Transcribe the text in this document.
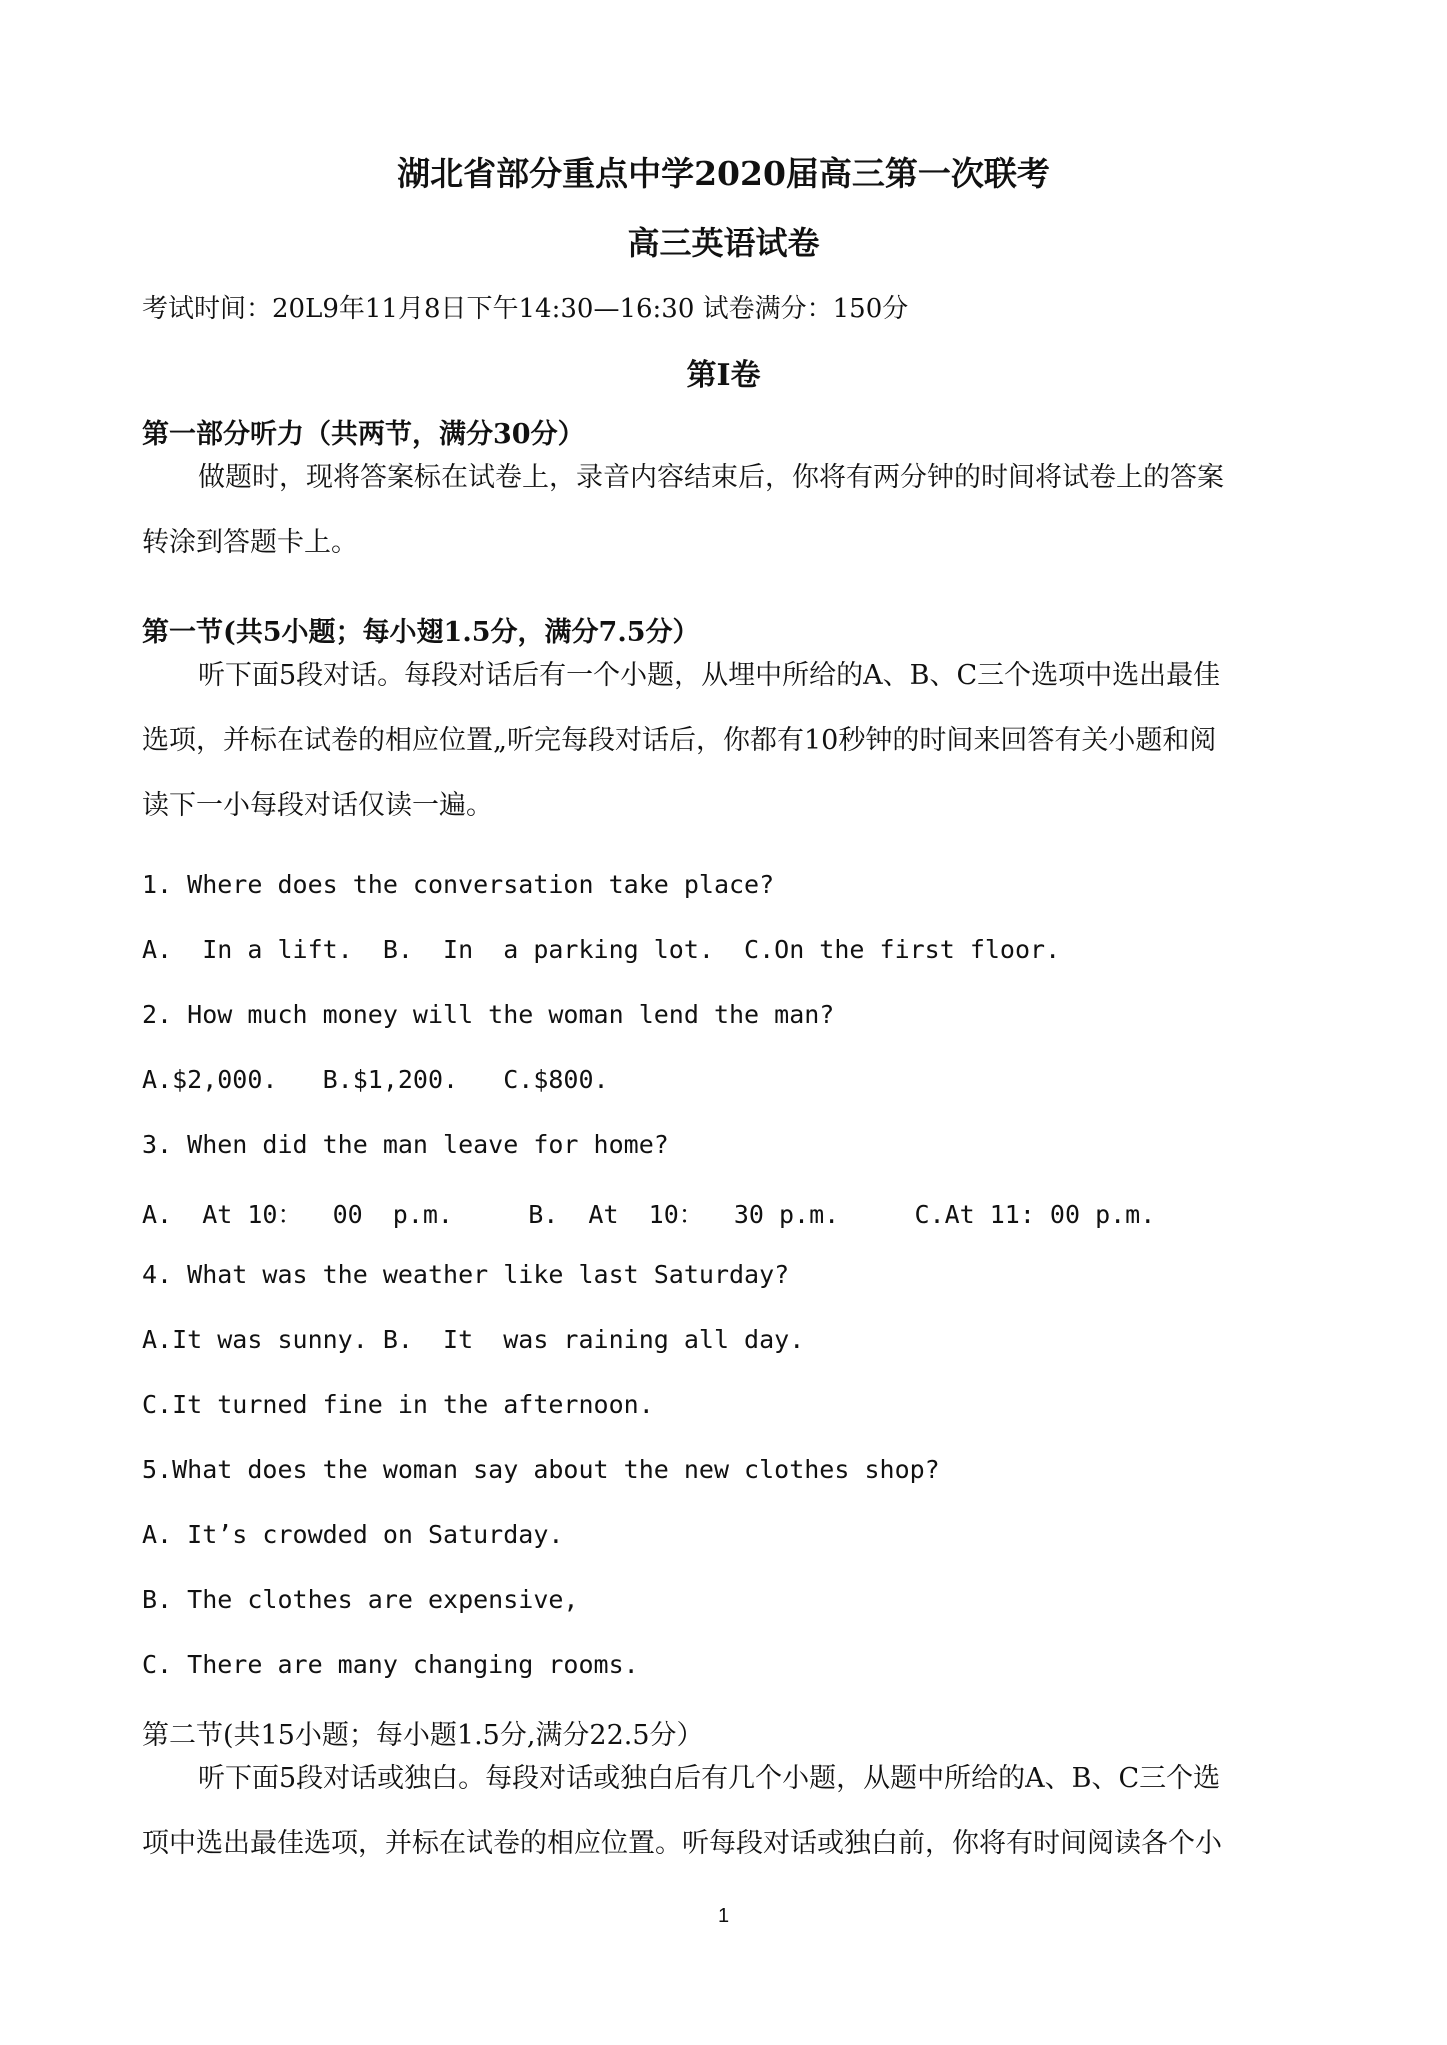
湖北省部分重点中学2020届高三第一次联考
高三英语试卷
考试时间：20L9年11月8日下午14:30—16:30 试卷满分：150分
第I卷
第一部分听力（共两节，满分30分）
做题时，现将答案标在试卷上，录音内容结束后，你将有两分钟的时间将试卷上的答案
转涂到答题卡上。
第一节(共5小题；每小翅1.5分，满分7.5分）
听下面5段对话。每段对话后有一个小题，从埋中所给的A、B、C三个选项中选出最佳
选项，并标在试卷的相应位置„听完每段对话后，你都有10秒钟的时间来回答有关小题和阅
读下一小每段对话仅读一遍。
1. Where does the conversation take place?
A.  In a lift.  B.  In  a parking lot.  C.On the first floor.
2. How much money will the woman lend the man?
A.$2,000.   B.$1,200.   C.$800.
3. When did the man leave for home?
A.  At 10：  00  p.m.     B.  At  10：  30 p.m.     C.At 11: 00 p.m.
4. What was the weather like last Saturday?
A.It was sunny. B.  It  was raining all day.
C.It turned fine in the afternoon.
5.What does the woman say about the new clothes shop?
A. It’s crowded on Saturday.
B. The clothes are expensive,
C. There are many changing rooms.
第二节(共15小题；每小题1.5分,满分22.5分）
听下面5段对话或独白。每段对话或独白后有几个小题，从题中所给的A、B、C三个选
项中选出最佳选项，并标在试卷的相应位置。听每段对话或独白前，你将有时间阅读各个小
1
